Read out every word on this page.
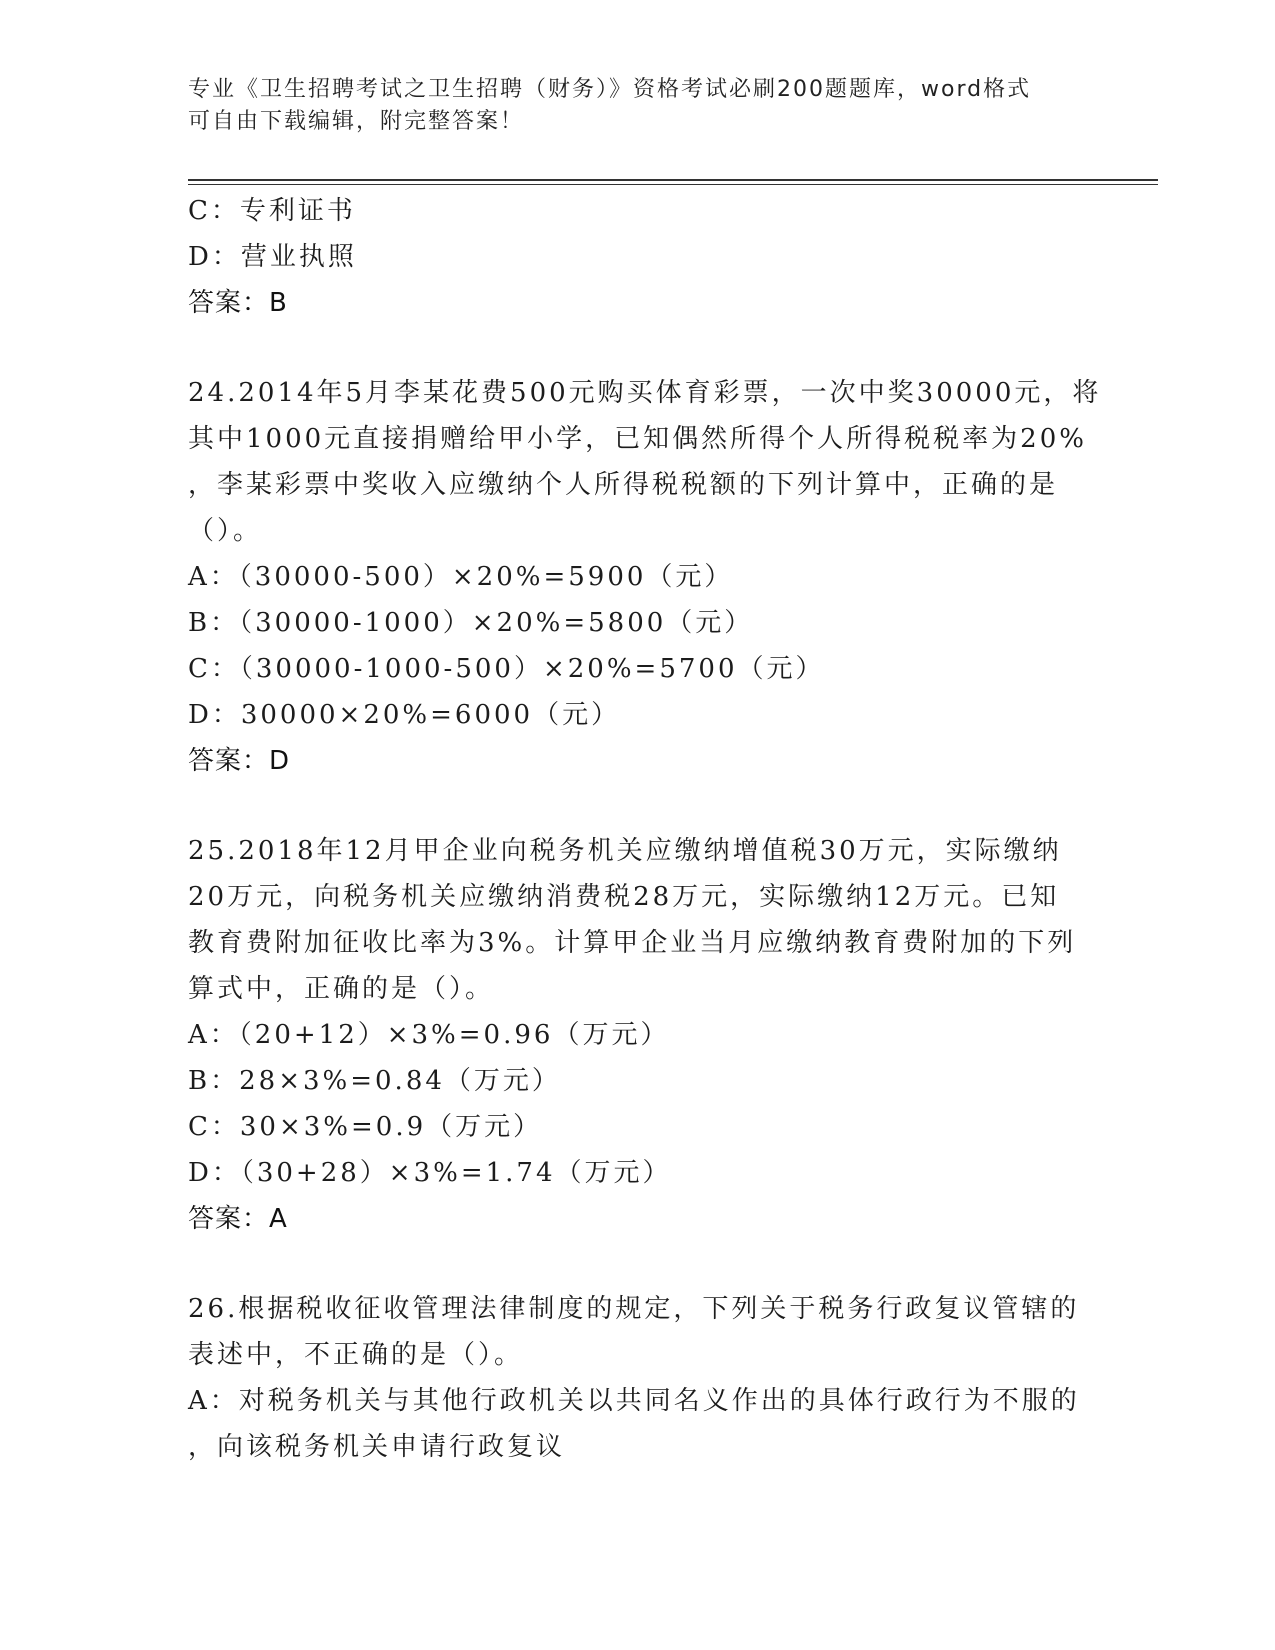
专业《卫生招聘考试之卫生招聘（财务）》资格考试必刷200题题库，word格式
可自由下载编辑，附完整答案！
C：专利证书
D：营业执照
答案：B
24.2014年5月李某花费500元购买体育彩票，一次中奖30000元，将
其中1000元直接捐赠给甲小学，已知偶然所得个人所得税税率为20%
，李某彩票中奖收入应缴纳个人所得税税额的下列计算中，正确的是
（）。
A：（30000-500）×20%=5900（元）
B：（30000-1000）×20%=5800（元）
C：（30000-1000-500）×20%=5700（元）
D：30000×20%=6000（元）
答案：D
25.2018年12月甲企业向税务机关应缴纳增值税30万元，实际缴纳
20万元，向税务机关应缴纳消费税28万元，实际缴纳12万元。已知
教育费附加征收比率为3%。计算甲企业当月应缴纳教育费附加的下列
算式中，正确的是（）。
A：（20+12）×3%=0.96（万元）
B：28×3%=0.84（万元）
C：30×3%=0.9（万元）
D：（30+28）×3%=1.74（万元）
答案：A
26.根据税收征收管理法律制度的规定，下列关于税务行政复议管辖的
表述中，不正确的是（）。
A：对税务机关与其他行政机关以共同名义作出的具体行政行为不服的
，向该税务机关申请行政复议
